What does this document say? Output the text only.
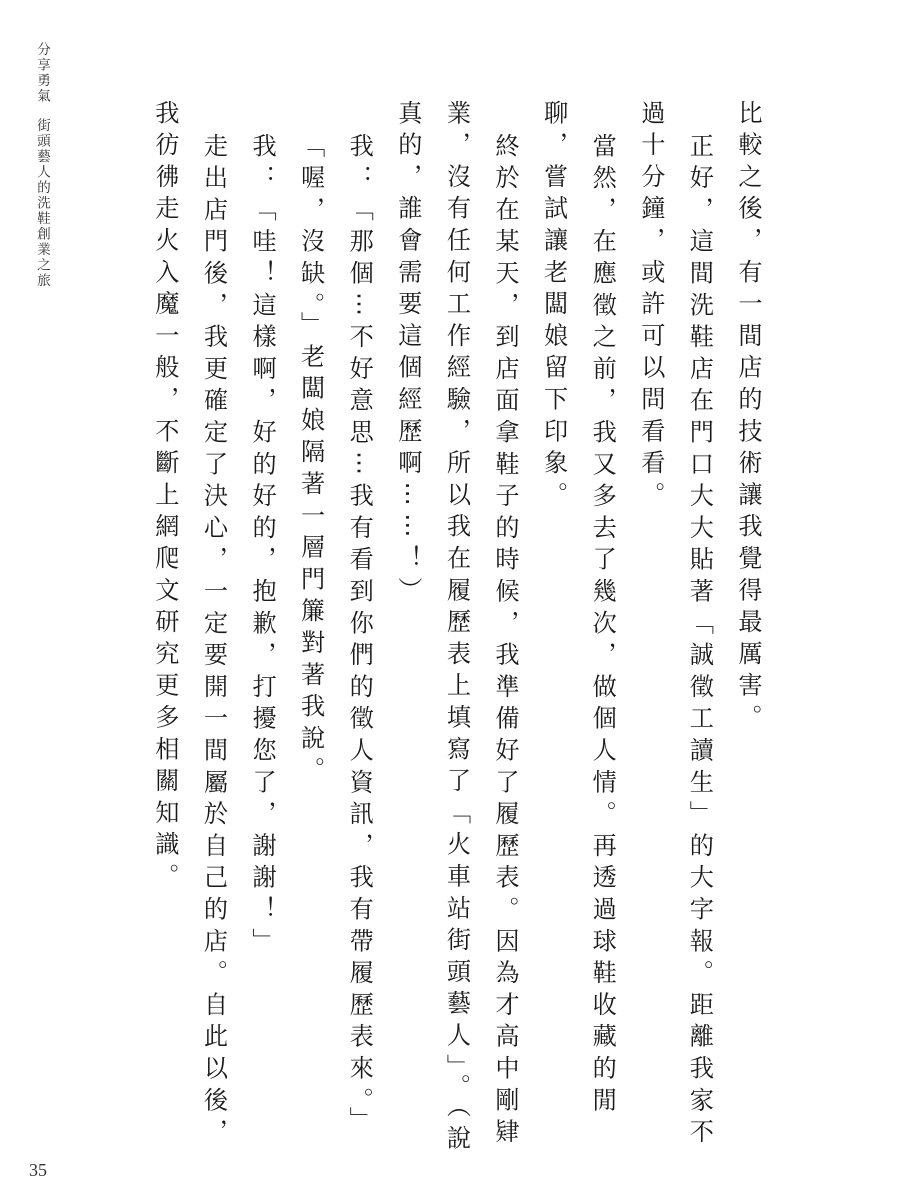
分享勇氣街頭藝人的洗鞋創業之旅	比較之後，有一間店的技術讓我覺得最厲害。

正好，這間洗鞋店在門口大大貼著「誠徵工讀生」的大字報。距離我家不過十分鐘，或許可以問看看。

當然，在應徵之前，我又多去了幾次，做個人情。再透過球鞋收藏的閒聊，嘗試讓老闆娘留下印象。

終於在某天，到店面拿鞋子的時候，我準備好了履歷表。因為才高中剛肄業，沒有任何工作經驗，所以我在履歷表上填寫了「火車站街頭藝人」。（說真的，誰會需要這個經歷啊⋯⋯！）

我：「那個⋯不好意思⋯我有看到你們的徵人資訊，我有帶履歷表來。」

「喔，沒缺。」老闆娘隔著一層門簾對著我說。

我：「哇！這樣啊，好的好的，抱歉，打擾您了，謝謝！」

走出店門後，我更確定了決心，一定要開一間屬於自己的店。自此以後，我彷彿走火入魔一般，不斷上網爬文研究更多相關知識。

35
